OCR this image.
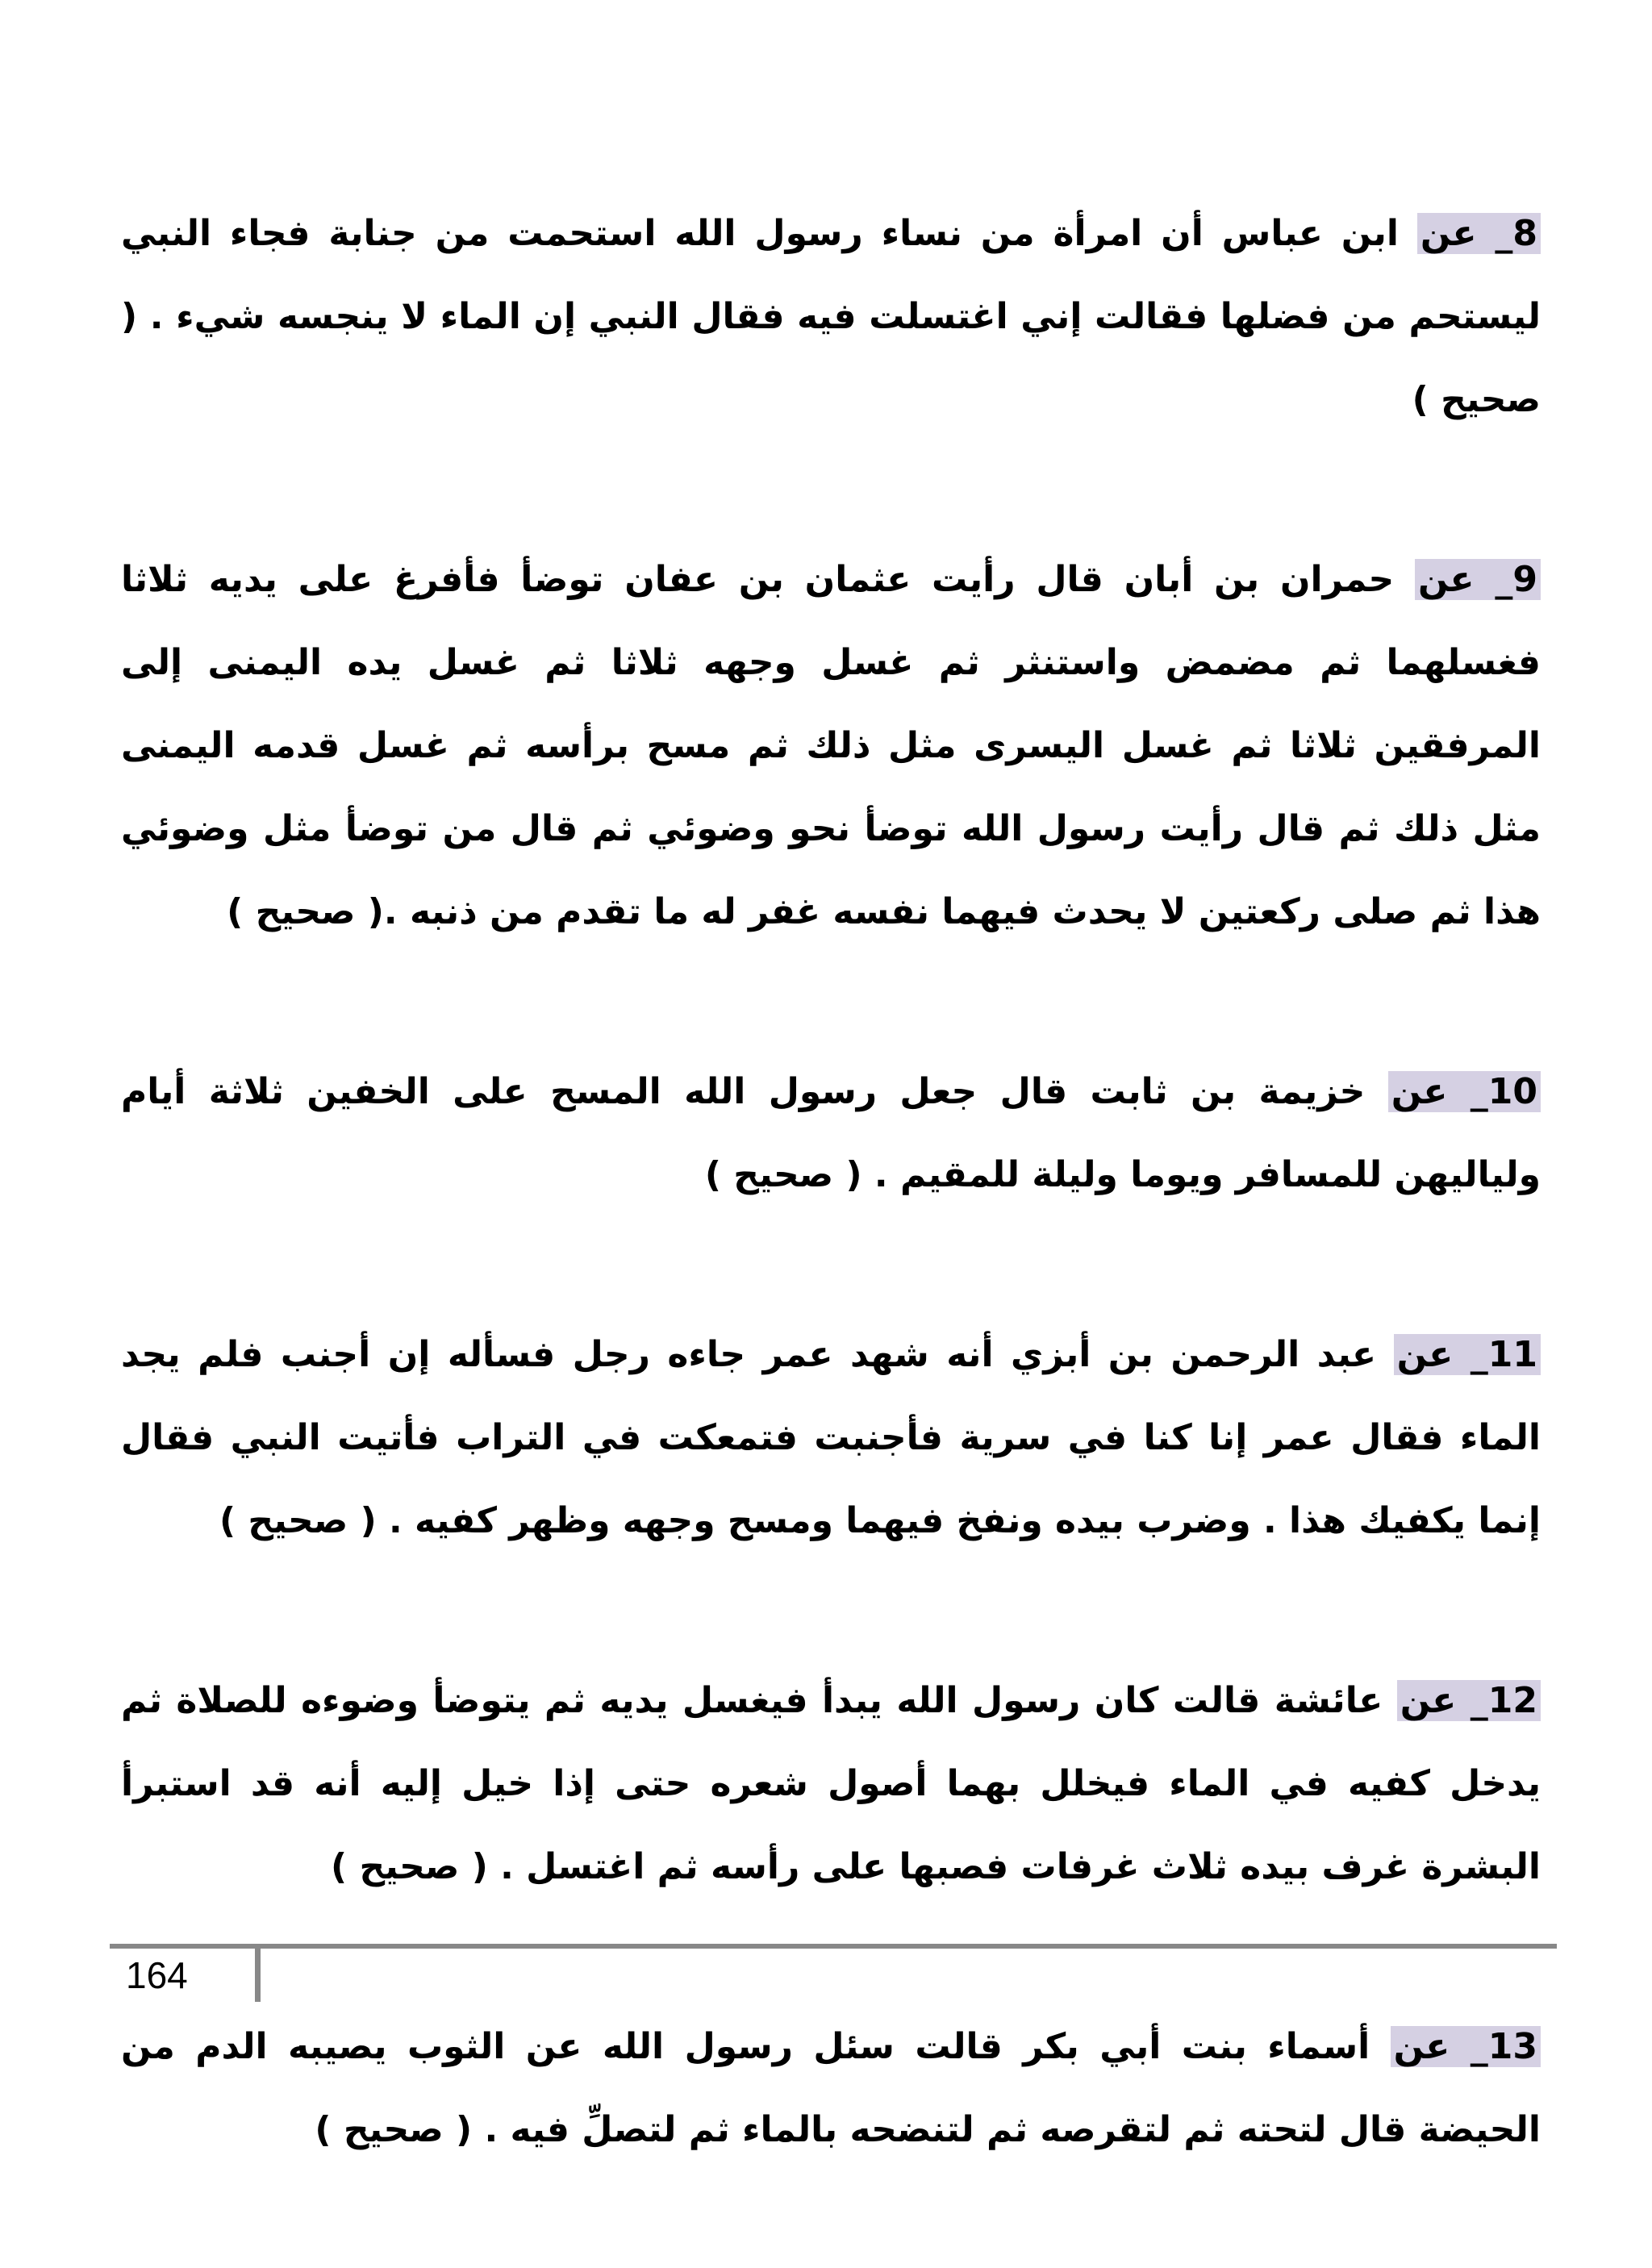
8_ عن ابن عباس أن امرأة من نساء رسول الله استحمت من جنابة فجاء النبي ليستحم من فضلها فقالت إني اغتسلت فيه فقال النبي إن الماء لا ينجسه شيء . ( صحيح )

9_ عن حمران بن أبان قال رأيت عثمان بن عفان توضأ فأفرغ على يديه ثلاثا فغسلهما ثم مضمض واستنثر ثم غسل وجهه ثلاثا ثم غسل يده اليمنى إلى المرفقين ثلاثا ثم غسل اليسرى مثل ذلك ثم مسح برأسه ثم غسل قدمه اليمنى مثل ذلك ثم قال رأيت رسول الله توضأ نحو وضوئي ثم قال من توضأ مثل وضوئي هذا ثم صلى ركعتين لا يحدث فيهما نفسه غفر له ما تقدم من ذنبه .( صحيح )

10_ عن خزيمة بن ثابت قال جعل رسول الله المسح على الخفين ثلاثة أيام ولياليهن للمسافر ويوما وليلة للمقيم . ( صحيح )

11_ عن عبد الرحمن بن أبزي أنه شهد عمر جاءه رجل فسأله إن أجنب فلم يجد الماء فقال عمر إنا كنا في سرية فأجنبت فتمعكت في التراب فأتيت النبي فقال إنما يكفيك هذا . وضرب بيده ونفخ فيهما ومسح وجهه وظهر كفيه . ( صحيح )

12_ عن عائشة قالت كان رسول الله يبدأ فيغسل يديه ثم يتوضأ وضوءه للصلاة ثم يدخل كفيه في الماء فيخلل بهما أصول شعره حتى إذا خيل إليه أنه قد استبرأ البشرة غرف بيده ثلاث غرفات فصبها على رأسه ثم اغتسل . ( صحيح )

13_ عن أسماء بنت أبي بكر قالت سئل رسول الله عن الثوب يصيبه الدم من الحيضة قال لتحته ثم لتقرصه ثم لتنضحه بالماء ثم لتصلِّ فيه . ( صحيح )

164
